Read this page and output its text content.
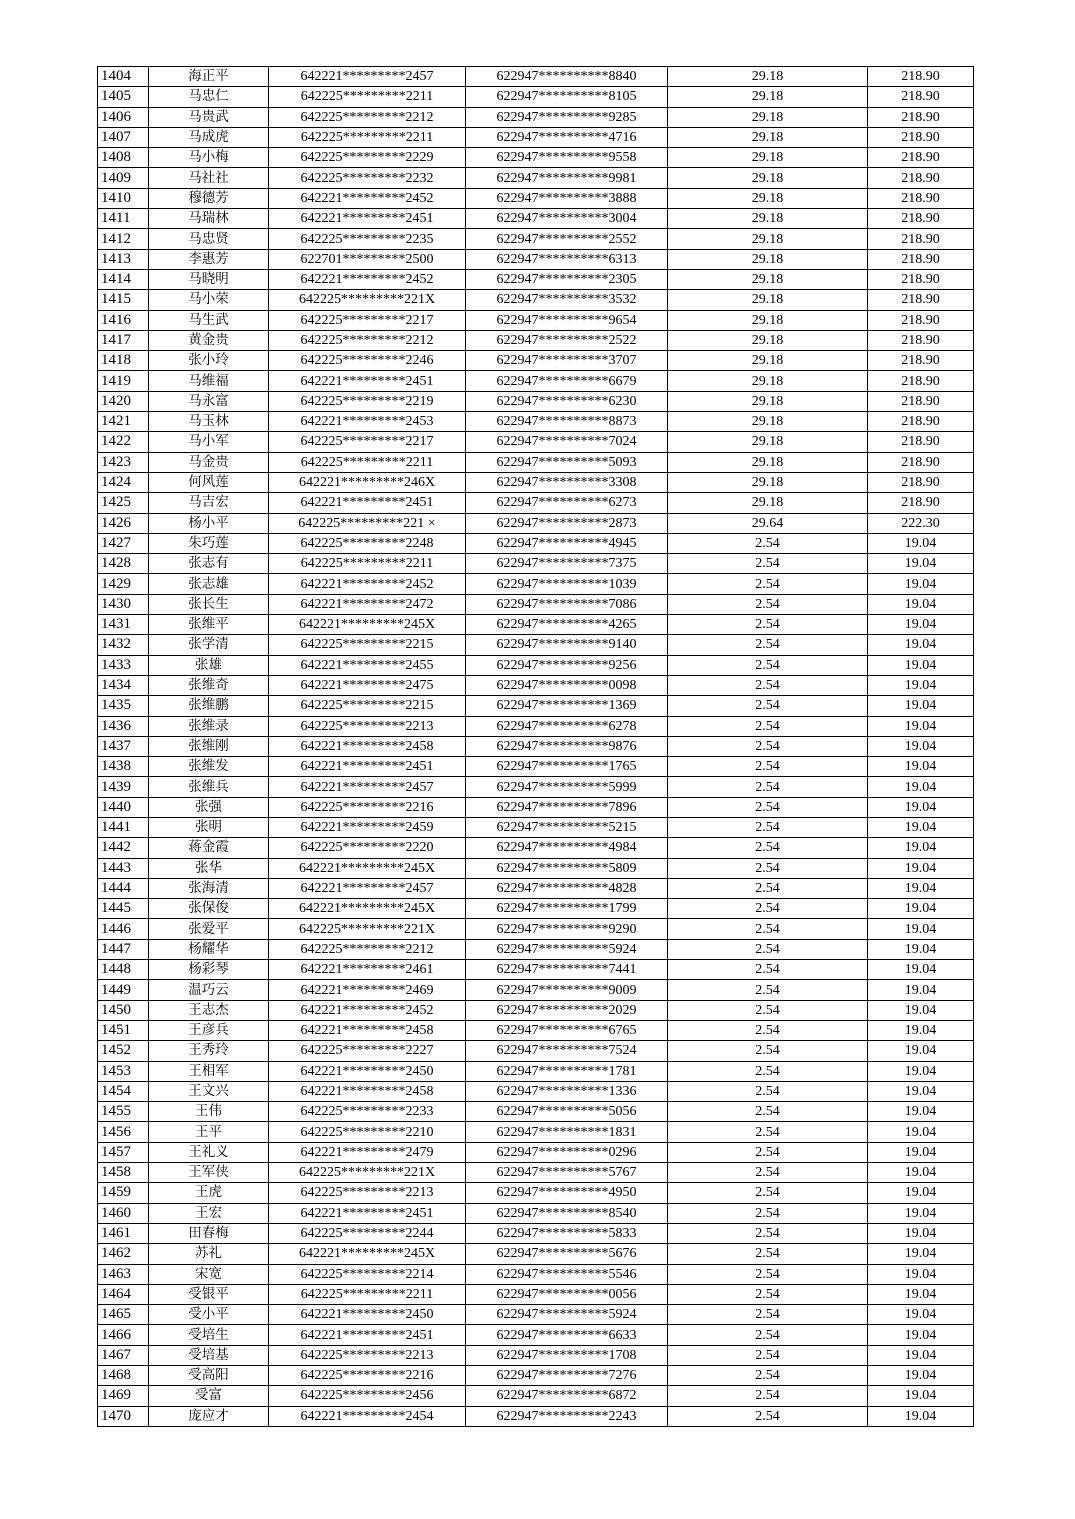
1404	海正平	642221*********2457	622947**********8840	29.18	218.90
1405	马忠仁	642225*********2211	622947**********8105	29.18	218.90
1406	马贵武	642225*********2212	622947**********9285	29.18	218.90
1407	马成虎	642225*********2211	622947**********4716	29.18	218.90
1408	马小梅	642225*********2229	622947**********9558	29.18	218.90
1409	马社社	642225*********2232	622947**********9981	29.18	218.90
1410	穆德芳	642221*********2452	622947**********3888	29.18	218.90
1411	马瑞林	642221*********2451	622947**********3004	29.18	218.90
1412	马忠贤	642225*********2235	622947**********2552	29.18	218.90
1413	李惠芳	622701*********2500	622947**********6313	29.18	218.90
1414	马晓明	642221*********2452	622947**********2305	29.18	218.90
1415	马小荣	642225*********221X	622947**********3532	29.18	218.90
1416	马生武	642225*********2217	622947**********9654	29.18	218.90
1417	黄金贵	642225*********2212	622947**********2522	29.18	218.90
1418	张小玲	642225*********2246	622947**********3707	29.18	218.90
1419	马维福	642221*********2451	622947**********6679	29.18	218.90
1420	马永富	642225*********2219	622947**********6230	29.18	218.90
1421	马玉林	642221*********2453	622947**********8873	29.18	218.90
1422	马小军	642225*********2217	622947**********7024	29.18	218.90
1423	马金贵	642225*********2211	622947**********5093	29.18	218.90
1424	何风莲	642221*********246X	622947**********3308	29.18	218.90
1425	马吉宏	642221*********2451	622947**********6273	29.18	218.90
1426	杨小平	642225*********221 ×	622947**********2873	29.64	222.30
1427	朱巧莲	642225*********2248	622947**********4945	2.54	19.04
1428	张志有	642225*********2211	622947**********7375	2.54	19.04
1429	张志雄	642221*********2452	622947**********1039	2.54	19.04
1430	张长生	642221*********2472	622947**********7086	2.54	19.04
1431	张维平	642221*********245X	622947**********4265	2.54	19.04
1432	张学清	642225*********2215	622947**********9140	2.54	19.04
1433	张雄	642221*********2455	622947**********9256	2.54	19.04
1434	张维奇	642221*********2475	622947**********0098	2.54	19.04
1435	张维鹏	642225*********2215	622947**********1369	2.54	19.04
1436	张维录	642225*********2213	622947**********6278	2.54	19.04
1437	张维刚	642221*********2458	622947**********9876	2.54	19.04
1438	张维发	642221*********2451	622947**********1765	2.54	19.04
1439	张维兵	642221*********2457	622947**********5999	2.54	19.04
1440	张强	642225*********2216	622947**********7896	2.54	19.04
1441	张明	642221*********2459	622947**********5215	2.54	19.04
1442	蒋金霞	642225*********2220	622947**********4984	2.54	19.04
1443	张华	642221*********245X	622947**********5809	2.54	19.04
1444	张海清	642221*********2457	622947**********4828	2.54	19.04
1445	张保俊	642221*********245X	622947**********1799	2.54	19.04
1446	张爱平	642225*********221X	622947**********9290	2.54	19.04
1447	杨耀华	642225*********2212	622947**********5924	2.54	19.04
1448	杨彩琴	642221*********2461	622947**********7441	2.54	19.04
1449	温巧云	642221*********2469	622947**********9009	2.54	19.04
1450	王志杰	642221*********2452	622947**********2029	2.54	19.04
1451	王彦兵	642221*********2458	622947**********6765	2.54	19.04
1452	王秀玲	642225*********2227	622947**********7524	2.54	19.04
1453	王相军	642221*********2450	622947**********1781	2.54	19.04
1454	王文兴	642221*********2458	622947**********1336	2.54	19.04
1455	王伟	642225*********2233	622947**********5056	2.54	19.04
1456	王平	642225*********2210	622947**********1831	2.54	19.04
1457	王礼义	642221*********2479	622947**********0296	2.54	19.04
1458	王军侠	642225*********221X	622947**********5767	2.54	19.04
1459	王虎	642225*********2213	622947**********4950	2.54	19.04
1460	王宏	642221*********2451	622947**********8540	2.54	19.04
1461	田春梅	642225*********2244	622947**********5833	2.54	19.04
1462	苏礼	642221*********245X	622947**********5676	2.54	19.04
1463	宋宽	642225*********2214	622947**********5546	2.54	19.04
1464	受银平	642225*********2211	622947**********0056	2.54	19.04
1465	受小平	642221*********2450	622947**********5924	2.54	19.04
1466	受培生	642221*********2451	622947**********6633	2.54	19.04
1467	受培基	642225*********2213	622947**********1708	2.54	19.04
1468	受高阳	642225*********2216	622947**********7276	2.54	19.04
1469	受富	642225*********2456	622947**********6872	2.54	19.04
1470	庞应才	642221*********2454	622947**********2243	2.54	19.04
